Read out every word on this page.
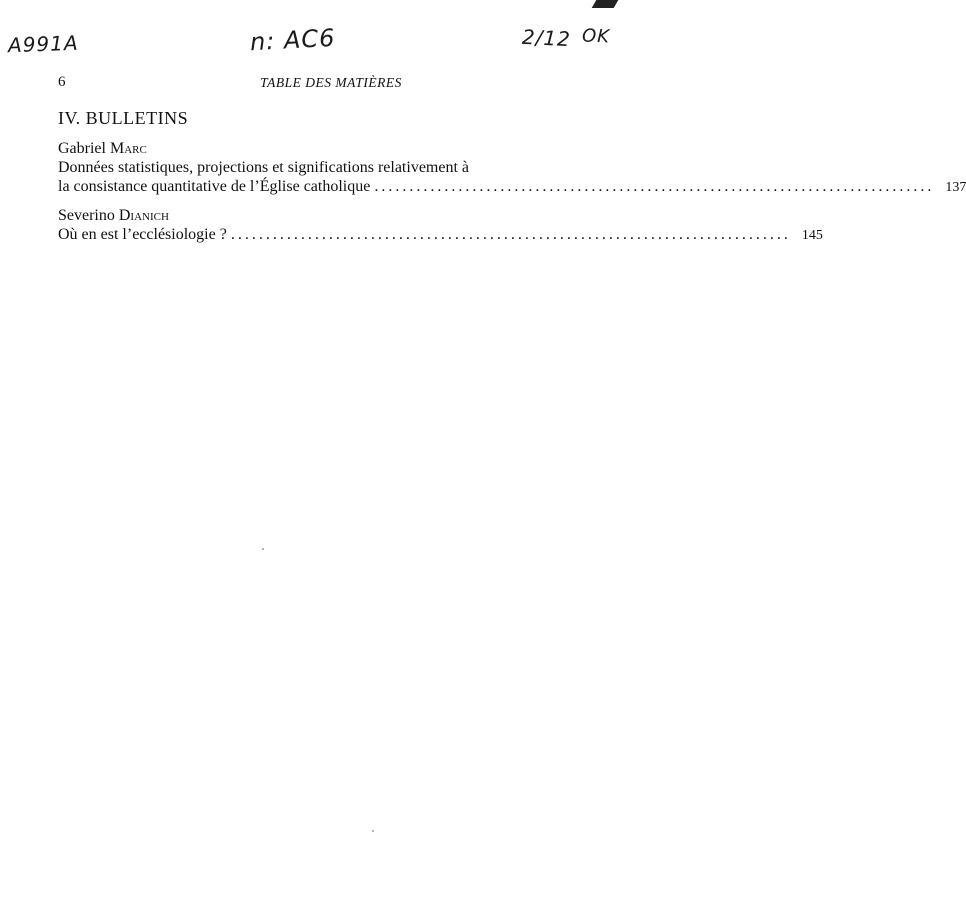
A991A	n: AC6	2/12 OK
6	TABLE DES MATIÈRES
IV. BULLETINS
Gabriel Marc
Données statistiques, projections et significations relativement à
la consistance quantitative de l’Église catholique ................................................................................ 137
Severino Dianich
Où en est l’ecclésiologie ? ................................................................................ 145
